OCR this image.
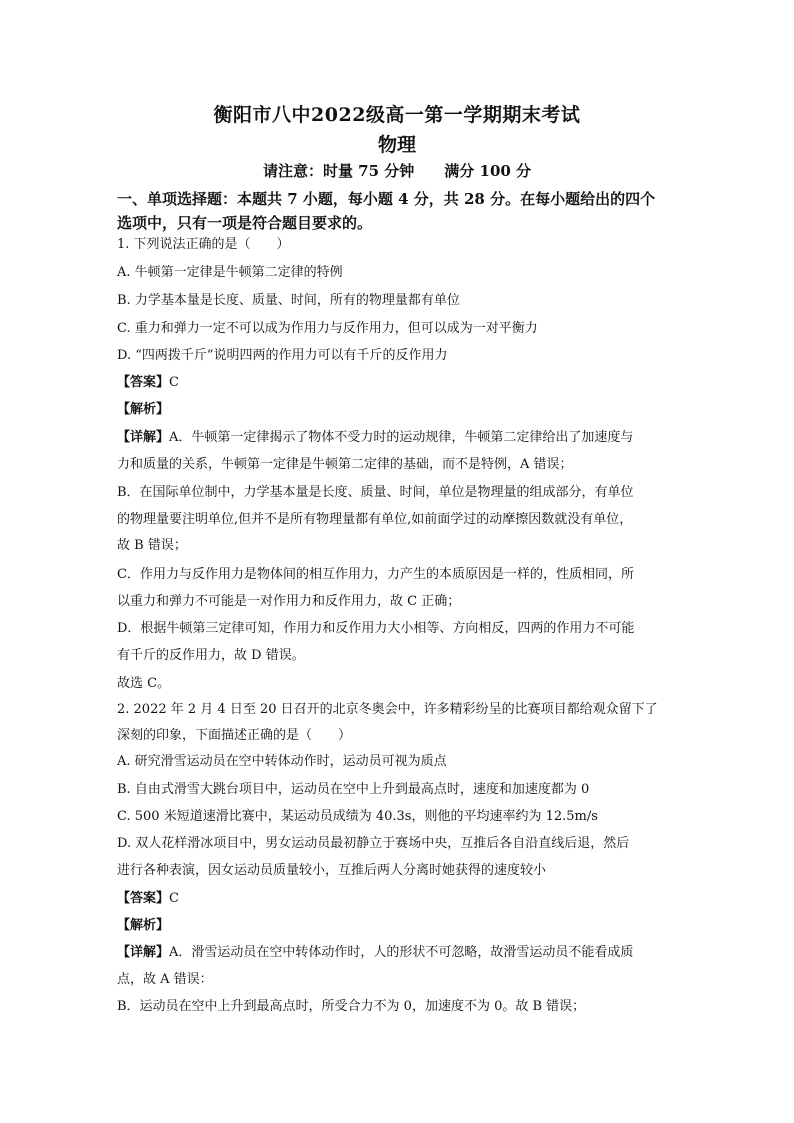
衡阳市八中2022级高一第一学期期末考试
物理
请注意：时量 75 分钟 满分 100 分
一、单项选择题：本题共 7 小题，每小题 4 分，共 28 分。在每小题给出的四个
选项中，只有一项是符合题目要求的。
1. 下列说法正确的是（　　）
A. 牛顿第一定律是牛顿第二定律的特例
B. 力学基本量是长度、质量、时间，所有的物理量都有单位
C. 重力和弹力一定不可以成为作用力与反作用力，但可以成为一对平衡力
D. “四两拨千斤”说明四两的作用力可以有千斤的反作用力
【答案】C
【解析】
【详解】A．牛顿第一定律揭示了物体不受力时的运动规律，牛顿第二定律给出了加速度与
力和质量的关系，牛顿第一定律是牛顿第二定律的基础，而不是特例，A 错误；
B．在国际单位制中，力学基本量是长度、质量、时间，单位是物理量的组成部分，有单位
的物理量要注明单位,但并不是所有物理量都有单位,如前面学过的动摩擦因数就没有单位，
故 B 错误；
C．作用力与反作用力是物体间的相互作用力，力产生的本质原因是一样的，性质相同，所
以重力和弹力不可能是一对作用力和反作用力，故 C 正确；
D．根据牛顿第三定律可知，作用力和反作用力大小相等、方向相反，四两的作用力不可能
有千斤的反作用力，故 D 错误。
故选 C。
2. 2022 年 2 月 4 日至 20 日召开的北京冬奥会中，许多精彩纷呈的比赛项目都给观众留下了
深刻的印象，下面描述正确的是（　　）
A. 研究滑雪运动员在空中转体动作时，运动员可视为质点
B. 自由式滑雪大跳台项目中，运动员在空中上升到最高点时，速度和加速度都为 0
C. 500 米短道速滑比赛中，某运动员成绩为 40.3s，则他的平均速率约为 12.5m/s
D. 双人花样滑冰项目中，男女运动员最初静立于赛场中央，互推后各自沿直线后退，然后
进行各种表演，因女运动员质量较小，互推后两人分离时她获得的速度较小
【答案】C
【解析】
【详解】A．滑雪运动员在空中转体动作时，人的形状不可忽略，故滑雪运动员不能看成质
点，故 A 错误：
B．运动员在空中上升到最高点时，所受合力不为 0，加速度不为 0。故 B 错误；
